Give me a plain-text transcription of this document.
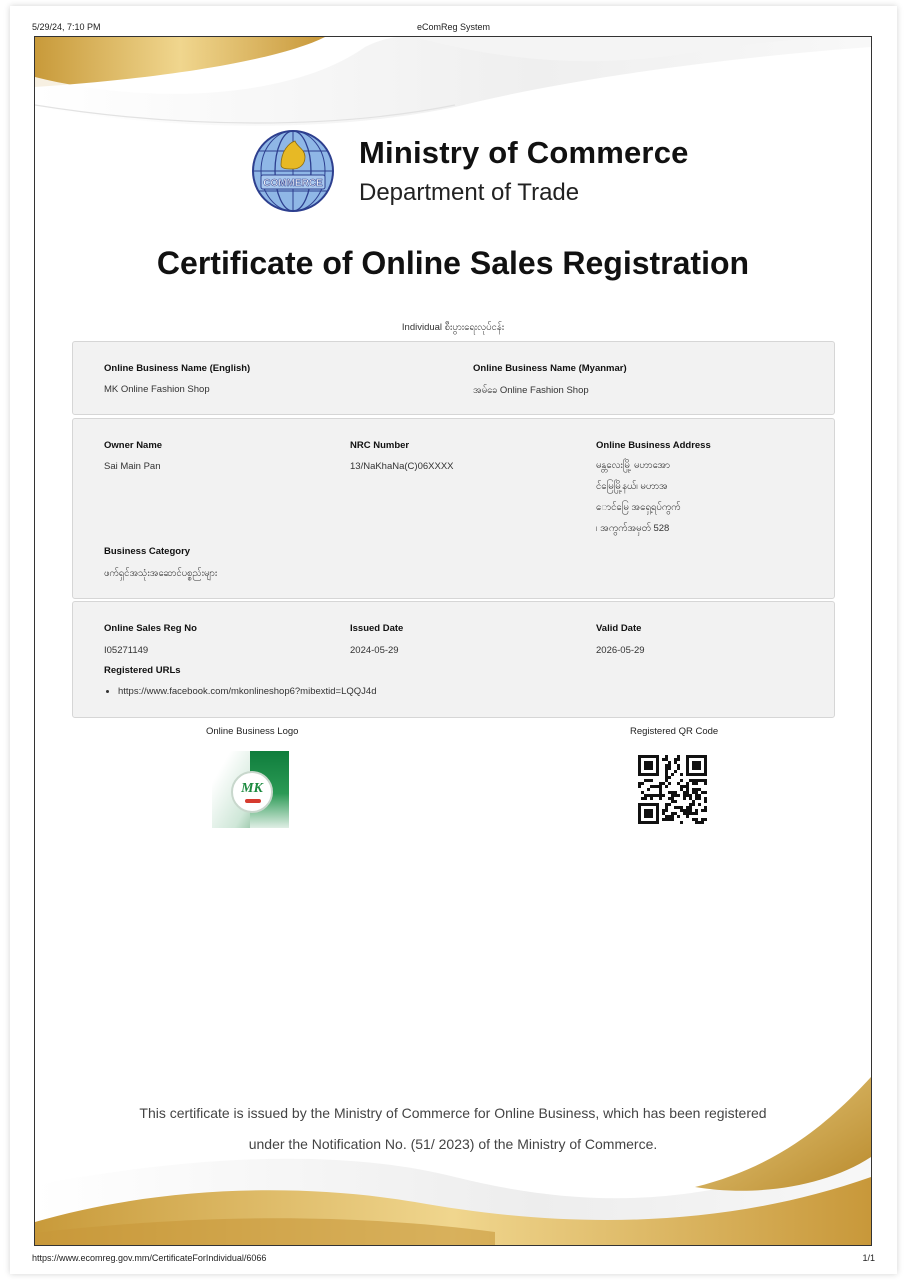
5/29/24, 7:10 PM	eComReg System
COMMERCE
Ministry of Commerce
Department of Trade
Certificate of Online Sales Registration
Individual စီးပွားရေးလုပ်ငန်း
Online Business Name (English)
MK Online Fashion Shop
Online Business Name (Myanmar)
အမ်ခေ Online Fashion Shop
Owner Name
Sai Main Pan
NRC Number
13/NaKhaNa(C)06XXXX
Online Business Address
မန္တလေးမြို့ မဟာအော
င်မြေမြို့နယ်၊ မဟာအ
ောင်မြေ အရှေ့ရပ်ကွက်
၊ အကွက်အမှတ် 528
Business Category
ဖက်ရှင်အသုံးအဆောင်ပစ္စည်းများ
Online Sales Reg No
I05271149
Issued Date
2024-05-29
Valid Date
2026-05-29
Registered URLs
• https://www.facebook.com/mkonlineshop6?mibextid=LQQJ4d
Online Business Logo
MK
Registered QR Code
This certificate is issued by the Ministry of Commerce for Online Business, which has been registered
under the Notification No. (51/ 2023) of the Ministry of Commerce.
https://www.ecomreg.gov.mm/CertificateForIndividual/6066	1/1
